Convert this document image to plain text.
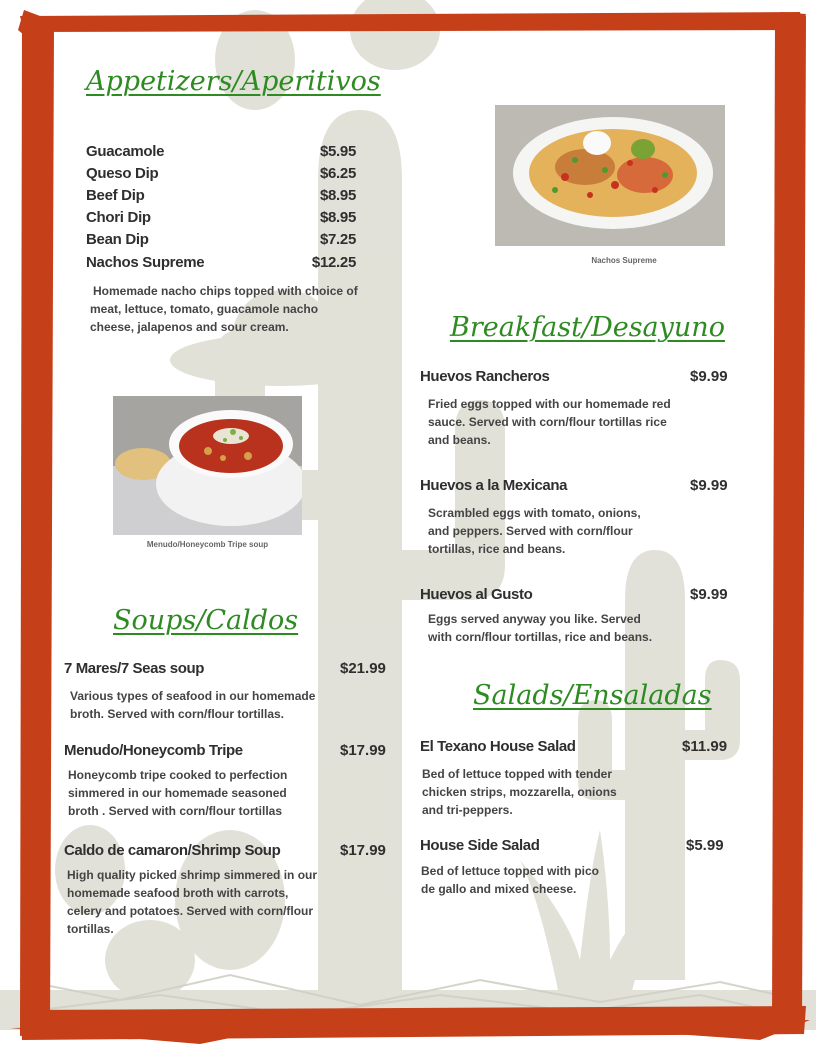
Appetizers/Aperitivos
Guacamole	$5.95
Queso Dip	$6.25
Beef Dip	$8.95
Chori Dip	$8.95
Bean Dip	$7.25
Nachos Supreme	$12.25
Homemade nacho chips topped with choice of meat, lettuce, tomato, guacamole nacho cheese, jalapenos and sour cream.
Nachos Supreme
Menudo/Honeycomb Tripe soup
Breakfast/Desayuno
Huevos Rancheros	$9.99
Fried eggs topped with our homemade red sauce. Served with corn/flour tortillas rice and beans.
Huevos a la Mexicana	$9.99
Scrambled eggs with tomato, onions, and peppers. Served with corn/flour tortillas, rice and beans.
Huevos al Gusto	$9.99
Eggs served anyway you like. Served with corn/flour tortillas, rice and beans.
Soups/Caldos
7 Mares/7 Seas soup	$21.99
Various types of seafood in our homemade broth. Served with corn/flour tortillas.
Menudo/Honeycomb Tripe	$17.99
Honeycomb tripe cooked to perfection simmered in our homemade seasoned broth . Served with corn/flour tortillas
Caldo de camaron/Shrimp Soup	$17.99
High quality picked shrimp simmered in our homemade seafood broth with carrots, celery and potatoes. Served with corn/flour tortillas.
Salads/Ensaladas
El Texano House Salad	$11.99
Bed of lettuce topped with tender chicken strips, mozzarella, onions and tri-peppers.
House Side Salad	$5.99
Bed of lettuce topped with pico de gallo and mixed cheese.
